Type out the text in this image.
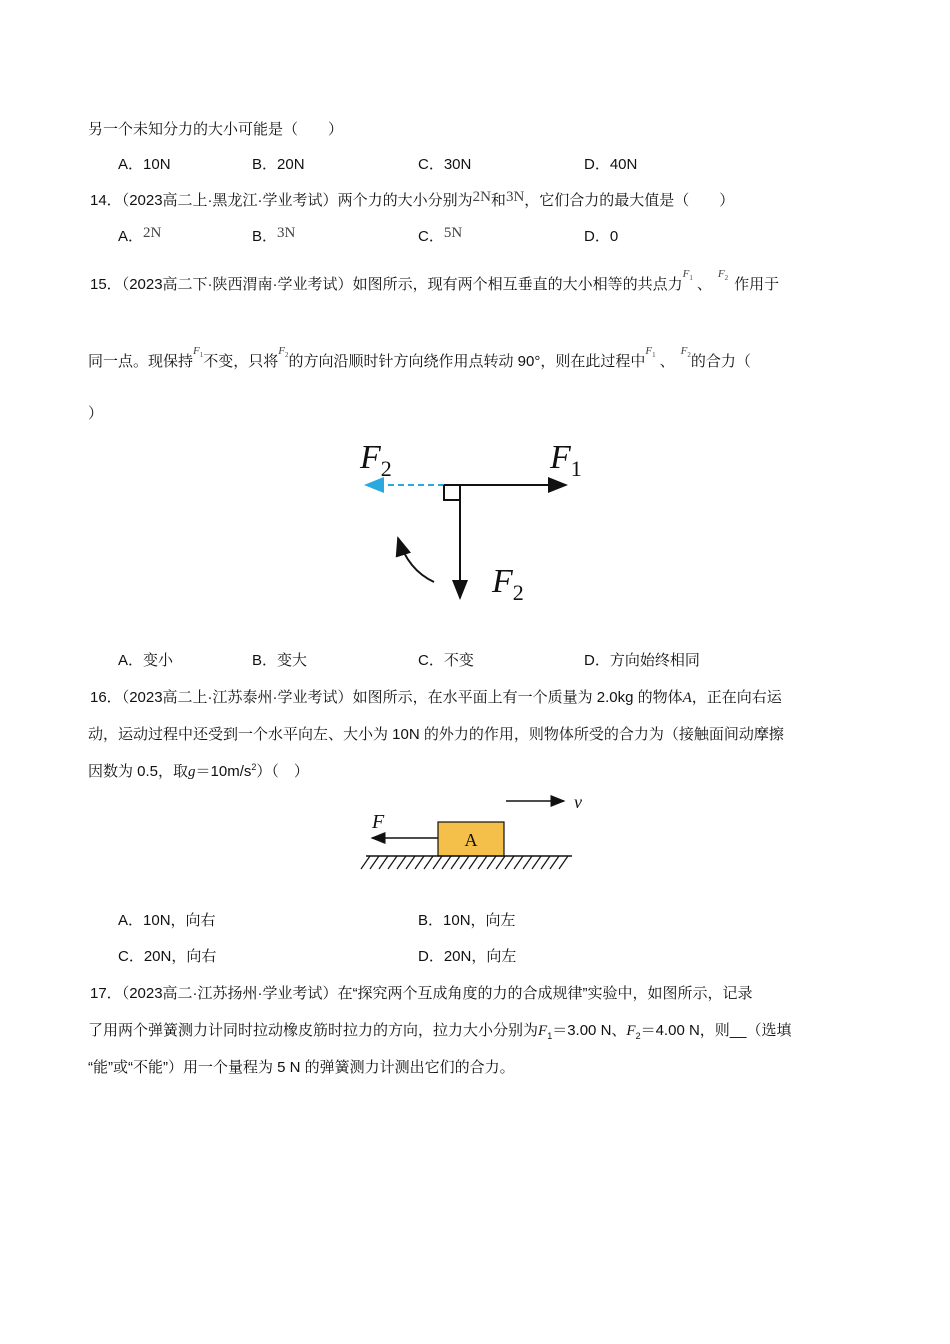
另一个未知分力的大小可能是（　　）
A．10N	B．20N	C．30N	D．40N
14．（2023高二上·黑龙江·学业考试）两个力的大小分别为2N和3N，它们合力的最大值是（　　）
A．2N	B．3N	C．5N	D．0
15．（2023高二下·陕西渭南·学业考试）如图所示，现有两个相互垂直的大小相等的共点力$F_1$ 、$F_2$ 作用于
同一点。现保持$F_1$不变，只将$F_2$的方向沿顺时针方向绕作用点转动 90°，则在此过程中$F_1$ 、$F_2$的合力（
）
$F_2$	$F_1$
$F_2$
A．变小	B．变大	C．不变	D．方向始终相同
16．（2023高二上·江苏泰州·学业考试）如图所示，在水平面上有一个质量为 2.0kg 的物体A，正在向右运
动，运动过程中还受到一个水平向左、大小为 10N 的外力的作用，则物体所受的合力为（接触面间动摩擦
因数为 0.5，取$g=10m/s^2$）（　）
v
F
A
A．10N，向右	B．10N，向左
C．20N，向右	D．20N，向左
17．（2023高二·江苏扬州·学业考试）在“探究两个互成角度的力的合成规律”实验中，如图所示，记录
了用两个弹簧测力计同时拉动橡皮筋时拉力的方向，拉力大小分别为$F_1=3.00$ N、$F_2=4.00$ N，则__（选填
“能”或“不能”）用一个量程为 5 N 的弹簧测力计测出它们的合力。
